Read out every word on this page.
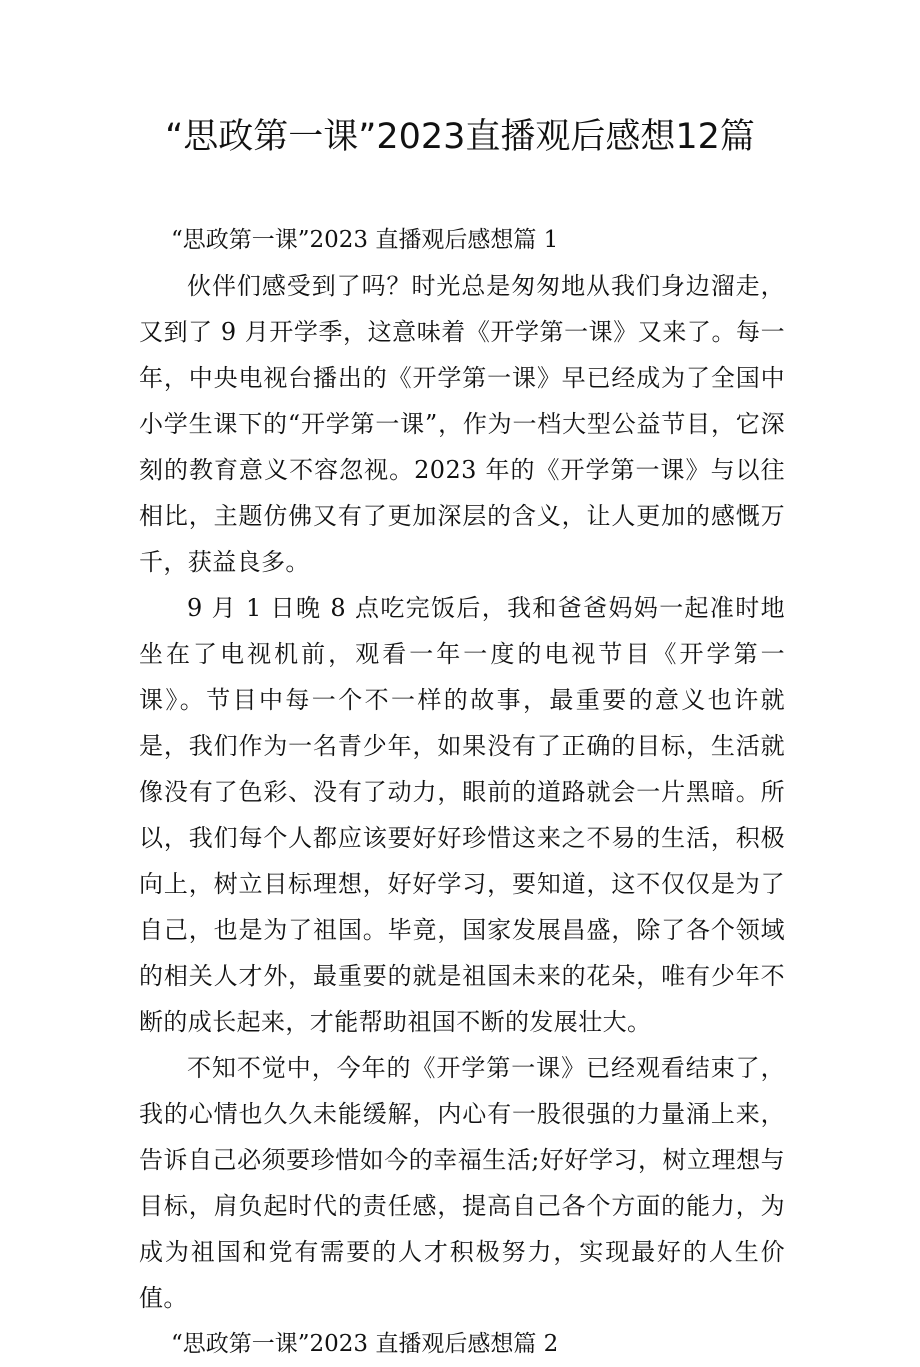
“思政第一课”2023直播观后感想12篇

“思政第一课”2023 直播观后感想篇 1

伙伴们感受到了吗？时光总是匆匆地从我们身边溜走，又到了 9 月开学季，这意味着《开学第一课》又来了。每一年，中央电视台播出的《开学第一课》早已经成为了全国中小学生课下的“开学第一课”，作为一档大型公益节目，它深刻的教育意义不容忽视。2023 年的《开学第一课》与以往相比，主题仿佛又有了更加深层的含义，让人更加的感慨万千，获益良多。

9 月 1 日晚 8 点吃完饭后，我和爸爸妈妈一起准时地坐在了电视机前，观看一年一度的电视节目《开学第一课》。节目中每一个不一样的故事，最重要的意义也许就是，我们作为一名青少年，如果没有了正确的目标，生活就像没有了色彩、没有了动力，眼前的道路就会一片黑暗。所以，我们每个人都应该要好好珍惜这来之不易的生活，积极向上，树立目标理想，好好学习，要知道，这不仅仅是为了自己，也是为了祖国。毕竟，国家发展昌盛，除了各个领域的相关人才外，最重要的就是祖国未来的花朵，唯有少年不断的成长起来，才能帮助祖国不断的发展壮大。

不知不觉中，今年的《开学第一课》已经观看结束了，我的心情也久久未能缓解，内心有一股很强的力量涌上来，告诉自己必须要珍惜如今的幸福生活;好好学习，树立理想与目标，肩负起时代的责任感，提高自己各个方面的能力，为成为祖国和党有需要的人才积极努力，实现最好的人生价值。

“思政第一课”2023 直播观后感想篇 2
